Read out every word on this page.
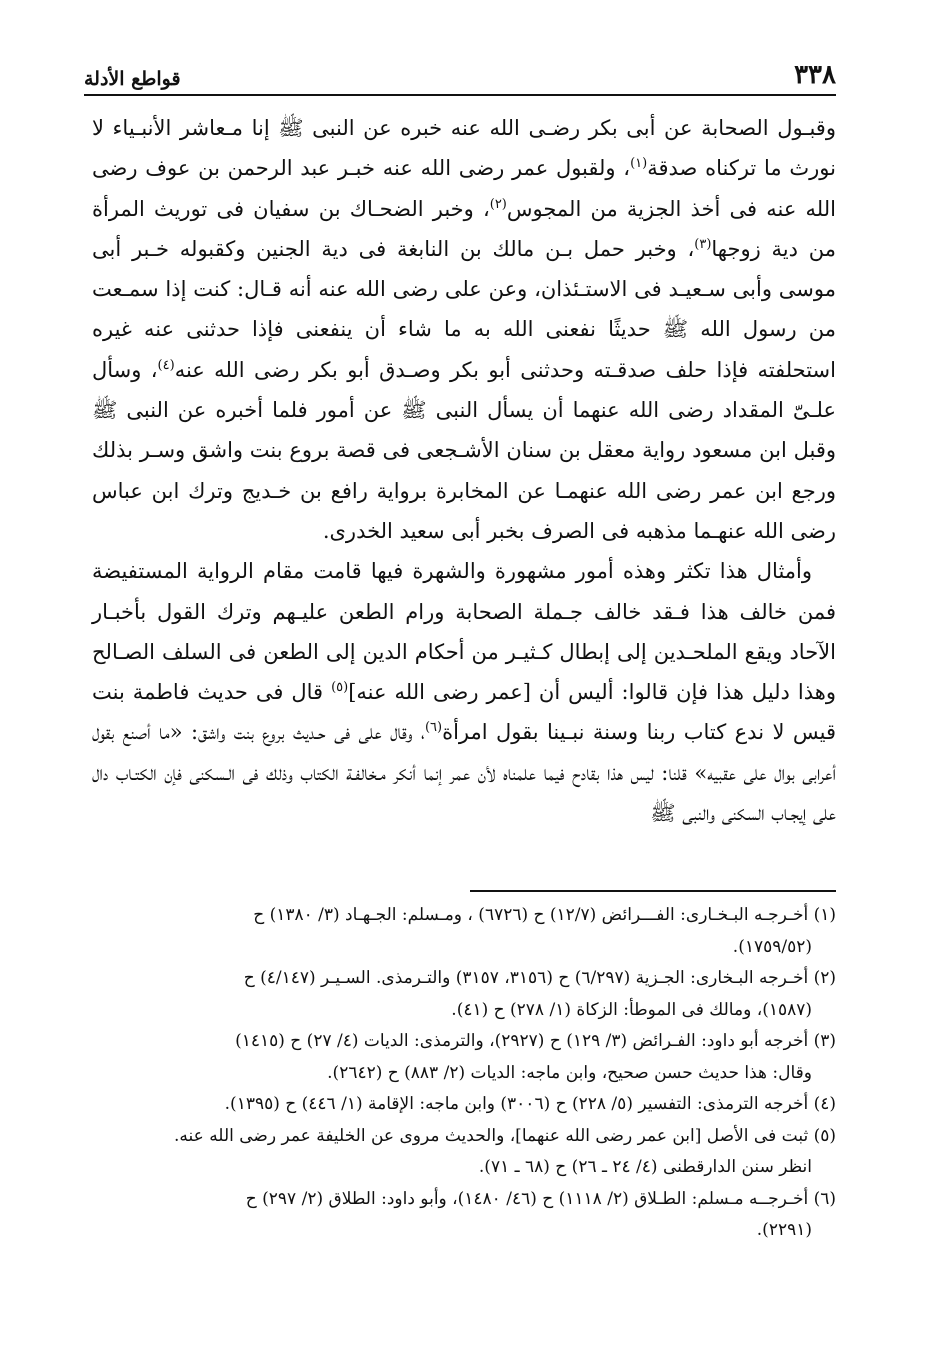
٣٣٨
قواطع الأدلة

وقبـول الصحابة عن أبى بكر رضـى الله عنه خبره عن النبى ﷺ إنا مـعاشر الأنبـياء لا نورث ما تركناه صدقة$^{(١)}$، ولقبول عمر رضى الله عنه خبـر عبد الرحمن بن عوف رضى الله عنه فى أخذ الجزية من المجوس$^{(٢)}$، وخبر الضحـاك بن سفيان فى توريث المرأة من دية زوجها$^{(٣)}$، وخبر حمل بـن مالك بن النابغة فى دية الجنين وكقبوله خـبر أبى موسى وأبى سـعيـد فى الاستـئذان، وعن على رضى الله عنه أنه قـال: كنت إذا سمـعت من رسول الله ﷺ حديثًا نفعنى الله به ما شاء أن ينفعنى فإذا حدثنى عنه غيره استحلفته فإذا حلف صدقـته وحدثنى أبو بكر وصـدق أبو بكر رضى الله عنه$^{(٤)}$، وسأل علـىّ المقداد رضى الله عنهما أن يسأل النبى ﷺ عن أمور فلما أخبره عن النبى ﷺ وقبل ابن مسعود رواية معقل بن سنان الأشـجعى فى قصة بروع بنت واشق وسـر بذلك ورجع ابن عمر رضى الله عنهمـا عن المخابرة برواية رافع بن خـديج وترك ابن عباس رضى الله عنهـما مذهبه فى الصرف بخبر أبى سعيد الخدرى.

وأمثال هذا تكثر وهذه أمور مشهورة والشهرة فيها قامت مقام الرواية المستفيضة فمن خالف هذا فـقد خالف جـملة الصحابة ورام الطعن عليـهم وترك القول بأخبـار الآحاد ويقع الملحـدين إلى إبطال كـثيـر من أحكام الدين إلى الطعن فى السلف الصـالح وهذا دليل هذا فإن قالوا: أليس أن [عمر رضى الله عنه]$^{(٥)}$ قال فى حديث فاطمة بنت قيس لا ندع كتاب ربنا وسنة نبـينا بقول امرأة$^{(٦)}$، وقال على فى حـديث بروع بنت واشق: «ما أصنع بقول أعرابى بوال على عقبيه» قلنا: ليس هذا بقادح فيما علمناه لأن عمر إنما أنكر مـخالفـة الكتاب وذلك فى الـسكنى فإن الكتـاب دال على إيجـاب السكنى والنبى ﷺ

(١) أخـرجـه البـخـارى: الفـــرائض (١٢/٧) ح (٦٧٢٦) ، ومـسلم: الجـهـاد (٣/ ١٣٨٠) ح
(١٧٥٩/٥٢).
(٢) أخـرجه البـخارى: الجـزية (٦/٢٩٧) ح (٣١٥٦، ٣١٥٧) والتـرمذى. السـيـر (٤/١٤٧) ح
(١٥٨٧)، ومالك فى الموطأ: الزكاة (١/ ٢٧٨) ح (٤١).
(٣) أخرجه أبو داود: الفـرائض (٣/ ١٢٩) ح (٢٩٢٧)، والترمذى: الديات (٤/ ٢٧) ح (١٤١٥)
وقال: هذا حديث حسن صحيح، وابن ماجه: الديات (٢/ ٨٨٣) ح (٢٦٤٢).
(٤) أخرجه الترمذى: التفسير (٥/ ٢٢٨) ح (٣٠٠٦) وابن ماجه: الإقامة (١/ ٤٤٦) ح (١٣٩٥).
(٥) ثبت فى الأصل [ابن عمر رضى الله عنهما]، والحديث مروى عن الخليفة عمر رضى الله عنه.
انظر سنن الدارقطنى (٤/ ٢٤ ـ ٢٦) ح (٦٨ ـ ٧١).
(٦) أخـرجــه مـسلم: الطـلاق (٢/ ١١١٨) ح (٤٦/ ١٤٨٠)، وأبو داود: الطلاق (٢/ ٢٩٧) ح
(٢٢٩١).
